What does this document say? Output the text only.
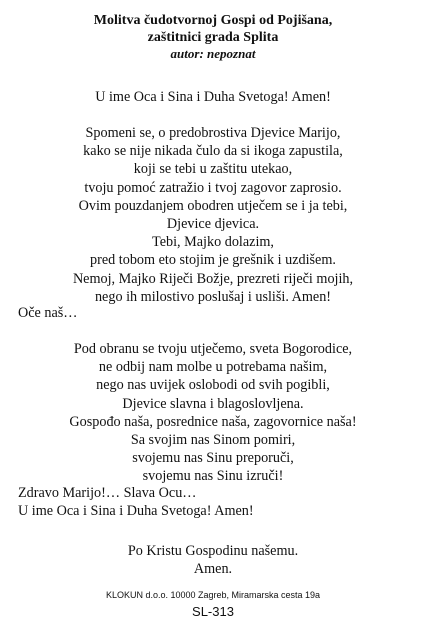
Molitva čudotvornoj Gospi od Pojišana,
zaštitnici grada Splita
autor: nepoznat
U ime Oca i Sina i Duha Svetoga! Amen!
Spomeni se, o predobrostiva Djevice Marijo,
kako se nije nikada čulo da si ikoga zapustila,
koji se tebi u zaštitu utekao,
tvoju pomoć zatražio i tvoj zagovor zaprosio.
Ovim pouzdanjem obodren utječem se i ja tebi,
Djevice djevica.
Tebi, Majko dolazim,
pred tobom eto stojim je grešnik i uzdišem.
Nemoj, Majko Riječi Božje, prezreti riječi mojih,
nego ih milostivo poslušaj i usliši. Amen!
Oče naš…
Pod obranu se tvoju utječemo, sveta Bogorodice,
ne odbij nam molbe u potrebama našim,
nego nas uvijek oslobodi od svih pogibli,
Djevice slavna i blagoslovljena.
Gospođo naša, posrednice naša, zagovornice naša!
Sa svojim nas Sinom pomiri,
svojemu nas Sinu preporuči,
svojemu nas Sinu izruči!
Zdravo Marijo!… Slava Ocu…
U ime Oca i Sina i Duha Svetoga! Amen!
Po Kristu Gospodinu našemu.
Amen.
KLOKUN d.o.o. 10000 Zagreb, Miramarska cesta 19a
SL-313
